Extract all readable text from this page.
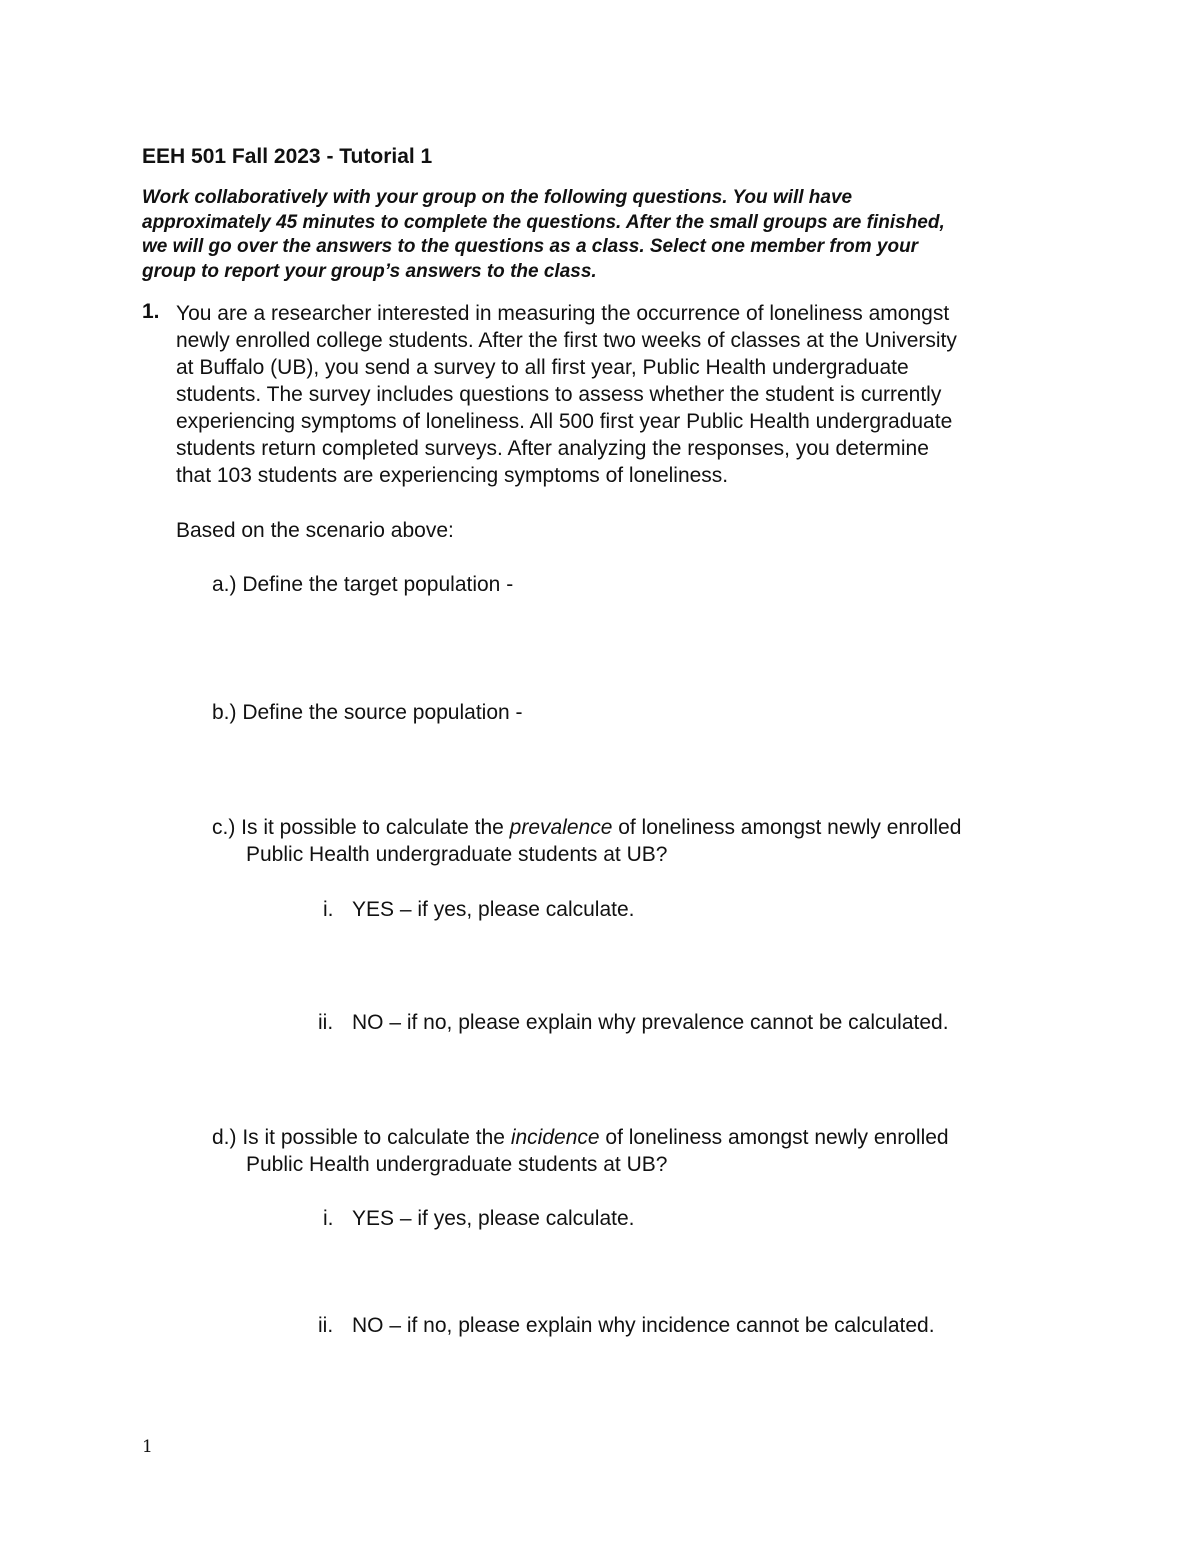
EEH 501 Fall 2023 - Tutorial 1
Work collaboratively with your group on the following questions. You will have
approximately 45 minutes to complete the questions. After the small groups are finished,
we will go over the answers to the questions as a class. Select one member from your
group to report your group’s answers to the class.
1. You are a researcher interested in measuring the occurrence of loneliness amongst
newly enrolled college students. After the first two weeks of classes at the University
at Buffalo (UB), you send a survey to all first year, Public Health undergraduate
students. The survey includes questions to assess whether the student is currently
experiencing symptoms of loneliness. All 500 first year Public Health undergraduate
students return completed surveys. After analyzing the responses, you determine
that 103 students are experiencing symptoms of loneliness.
Based on the scenario above:
a.) Define the target population -
b.) Define the source population -
c.) Is it possible to calculate the prevalence of loneliness amongst newly enrolled
Public Health undergraduate students at UB?
i. YES – if yes, please calculate.
ii. NO – if no, please explain why prevalence cannot be calculated.
d.) Is it possible to calculate the incidence of loneliness amongst newly enrolled
Public Health undergraduate students at UB?
i. YES – if yes, please calculate.
ii. NO – if no, please explain why incidence cannot be calculated.
1
